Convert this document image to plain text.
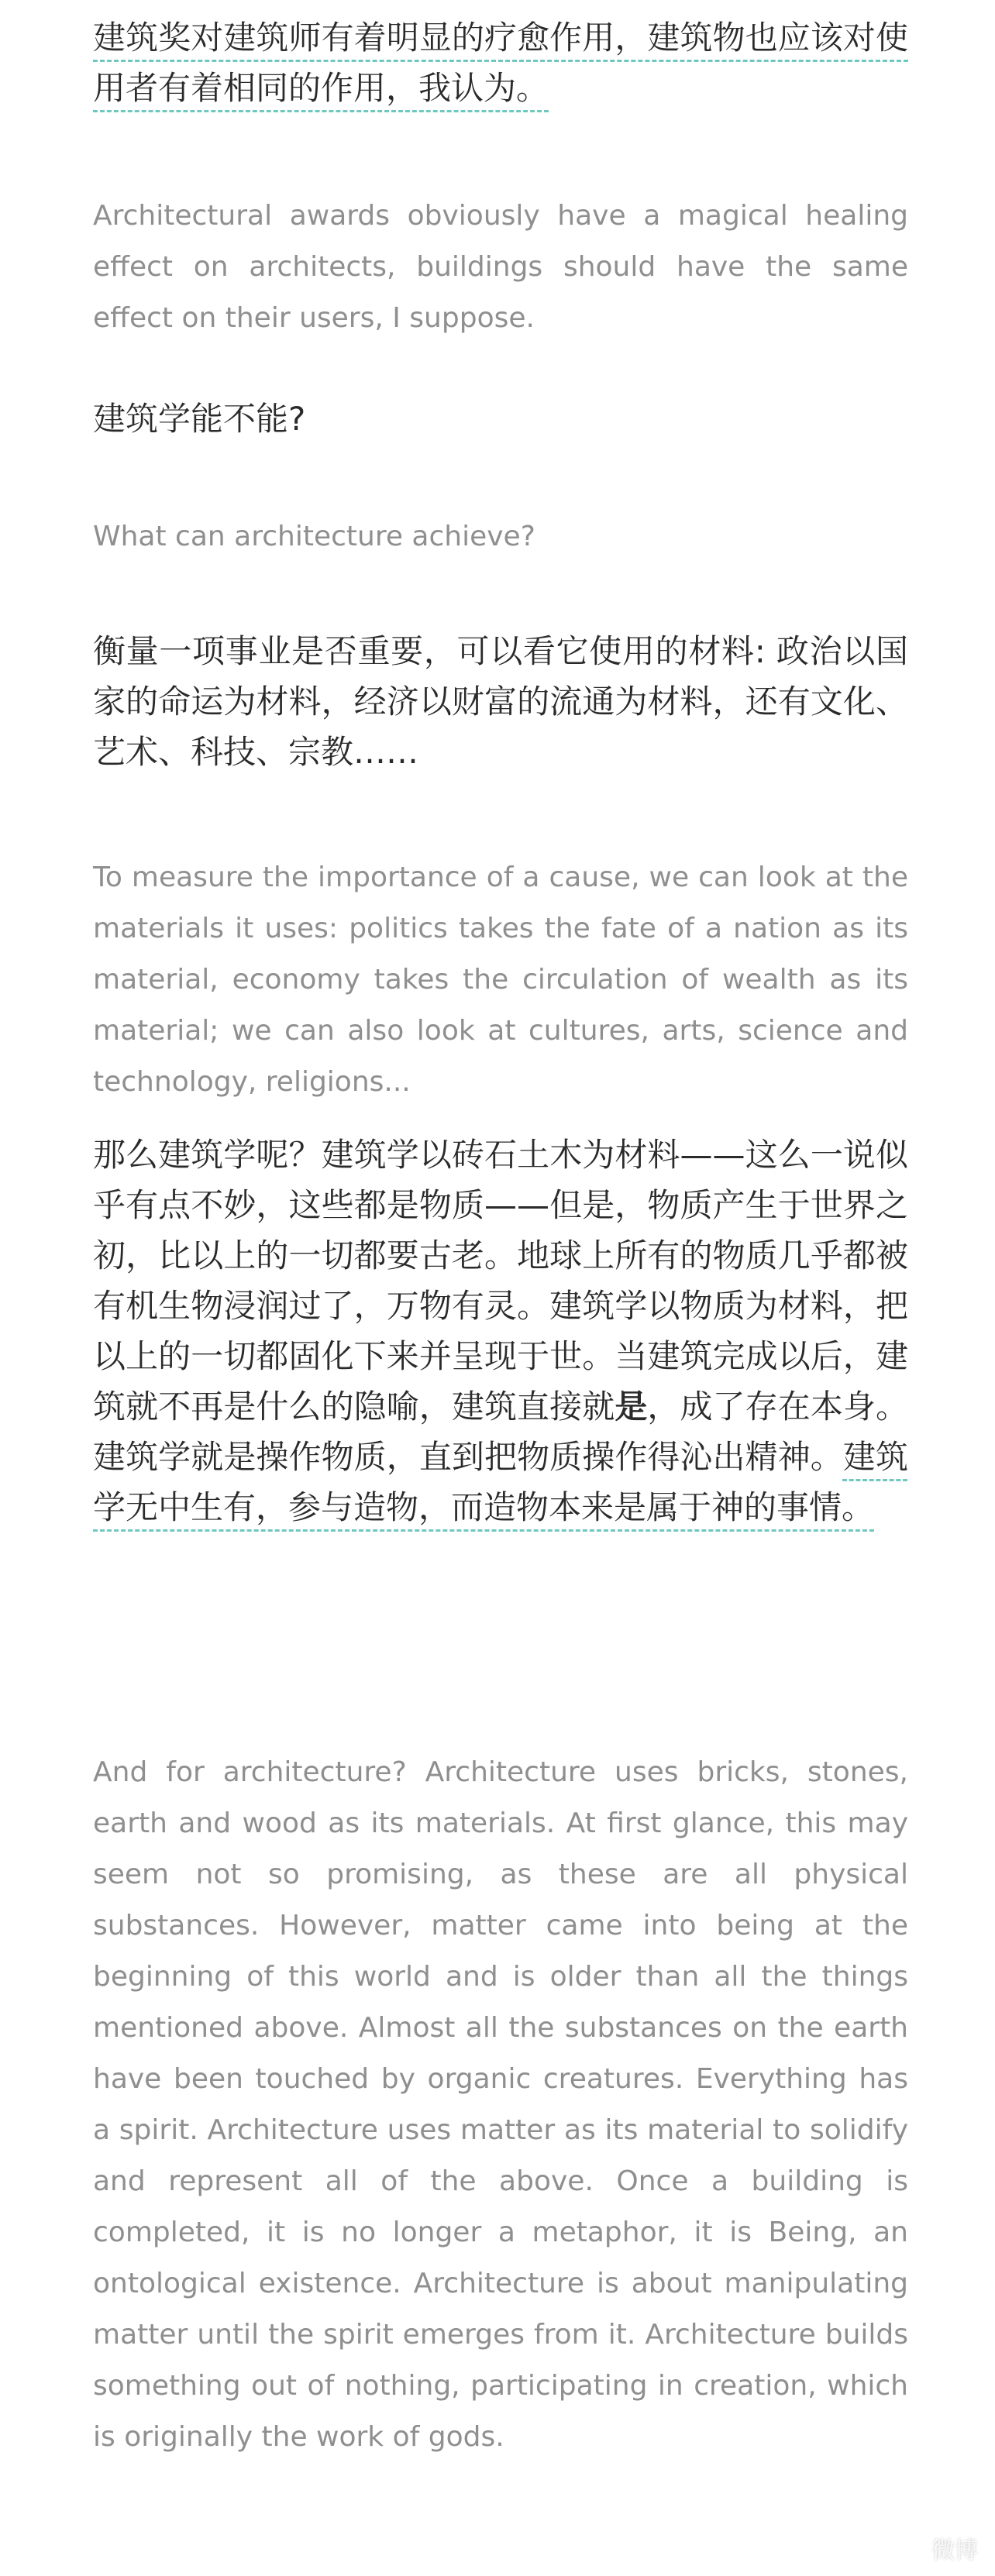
建筑奖对建筑师有着明显的疗愈作用，建筑物也应该对使用者有着相同的作用，我认为。

Architectural awards obviously have a magical healing effect on architects, buildings should have the same effect on their users, I suppose.

建筑学能不能?

What can architecture achieve?

衡量一项事业是否重要，可以看它使用的材料: 政治以国家的命运为材料，经济以财富的流通为材料，还有文化、艺术、科技、宗教……

To measure the importance of a cause, we can look at the materials it uses: politics takes the fate of a nation as its material, economy takes the circulation of wealth as its material; we can also look at cultures, arts, science and technology, religions...

那么建筑学呢？建筑学以砖石土木为材料——这么一说似乎有点不妙，这些都是物质——但是，物质产生于世界之初，比以上的一切都要古老。地球上所有的物质几乎都被有机生物浸润过了，万物有灵。建筑学以物质为材料，把以上的一切都固化下来并呈现于世。当建筑完成以后，建筑就不再是什么的隐喻，建筑直接就是，成了存在本身。建筑学就是操作物质，直到把物质操作得沁出精神。建筑学无中生有，参与造物，而造物本来是属于神的事情。

And for architecture? Architecture uses bricks, stones, earth and wood as its materials. At first glance, this may seem not so promising, as these are all physical substances. However, matter came into being at the beginning of this world and is older than all the things mentioned above. Almost all the substances on the earth have been touched by organic creatures. Everything has a spirit. Architecture uses matter as its material to solidify and represent all of the above. Once a building is completed, it is no longer a metaphor, it is Being, an ontological existence. Architecture is about manipulating matter until the spirit emerges from it. Architecture builds something out of nothing, participating in creation, which is originally the work of gods.

微博
